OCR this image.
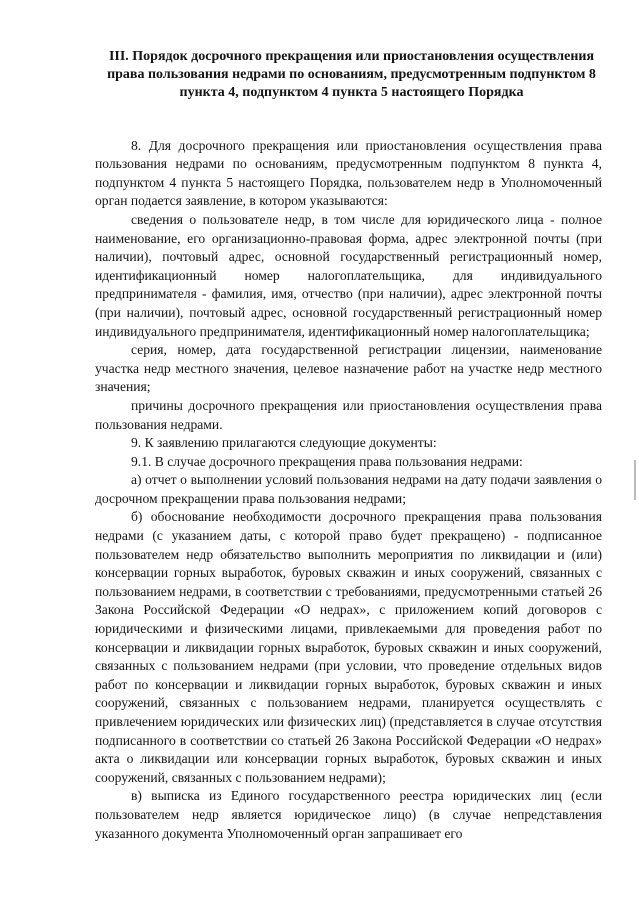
III. Порядок досрочного прекращения или приостановления осуществления права пользования недрами по основаниям, предусмотренным подпунктом 8 пункта 4, подпунктом 4 пункта 5 настоящего Порядка

8. Для досрочного прекращения или приостановления осуществления права пользования недрами по основаниям, предусмотренным подпунктом 8 пункта 4, подпунктом 4 пункта 5 настоящего Порядка, пользователем недр в Уполномоченный орган подается заявление, в котором указываются:

сведения о пользователе недр, в том числе для юридического лица - полное наименование, его организационно-правовая форма, адрес электронной почты (при наличии), почтовый адрес, основной государственный регистрационный номер, идентификационный номер налогоплательщика, для индивидуального предпринимателя - фамилия, имя, отчество (при наличии), адрес электронной почты (при наличии), почтовый адрес, основной государственный регистрационный номер индивидуального предпринимателя, идентификационный номер налогоплательщика;

серия, номер, дата государственной регистрации лицензии, наименование участка недр местного значения, целевое назначение работ на участке недр местного значения;

причины досрочного прекращения или приостановления осуществления права пользования недрами.

9. К заявлению прилагаются следующие документы:

9.1. В случае досрочного прекращения права пользования недрами:

а) отчет о выполнении условий пользования недрами на дату подачи заявления о досрочном прекращении права пользования недрами;

б) обоснование необходимости досрочного прекращения права пользования недрами (с указанием даты, с которой право будет прекращено) - подписанное пользователем недр обязательство выполнить мероприятия по ликвидации и (или) консервации горных выработок, буровых скважин и иных сооружений, связанных с пользованием недрами, в соответствии с требованиями, предусмотренными статьей 26 Закона Российской Федерации «О недрах», с приложением копий договоров с юридическими и физическими лицами, привлекаемыми для проведения работ по консервации и ликвидации горных выработок, буровых скважин и иных сооружений, связанных с пользованием недрами (при условии, что проведение отдельных видов работ по консервации и ликвидации горных выработок, буровых скважин и иных сооружений, связанных с пользованием недрами, планируется осуществлять с привлечением юридических или физических лиц) (представляется в случае отсутствия подписанного в соответствии со статьей 26 Закона Российской Федерации «О недрах» акта о ликвидации или консервации горных выработок, буровых скважин и иных сооружений, связанных с пользованием недрами);

в) выписка из Единого государственного реестра юридических лиц (если пользователем недр является юридическое лицо) (в случае непредставления указанного документа Уполномоченный орган запрашивает его
